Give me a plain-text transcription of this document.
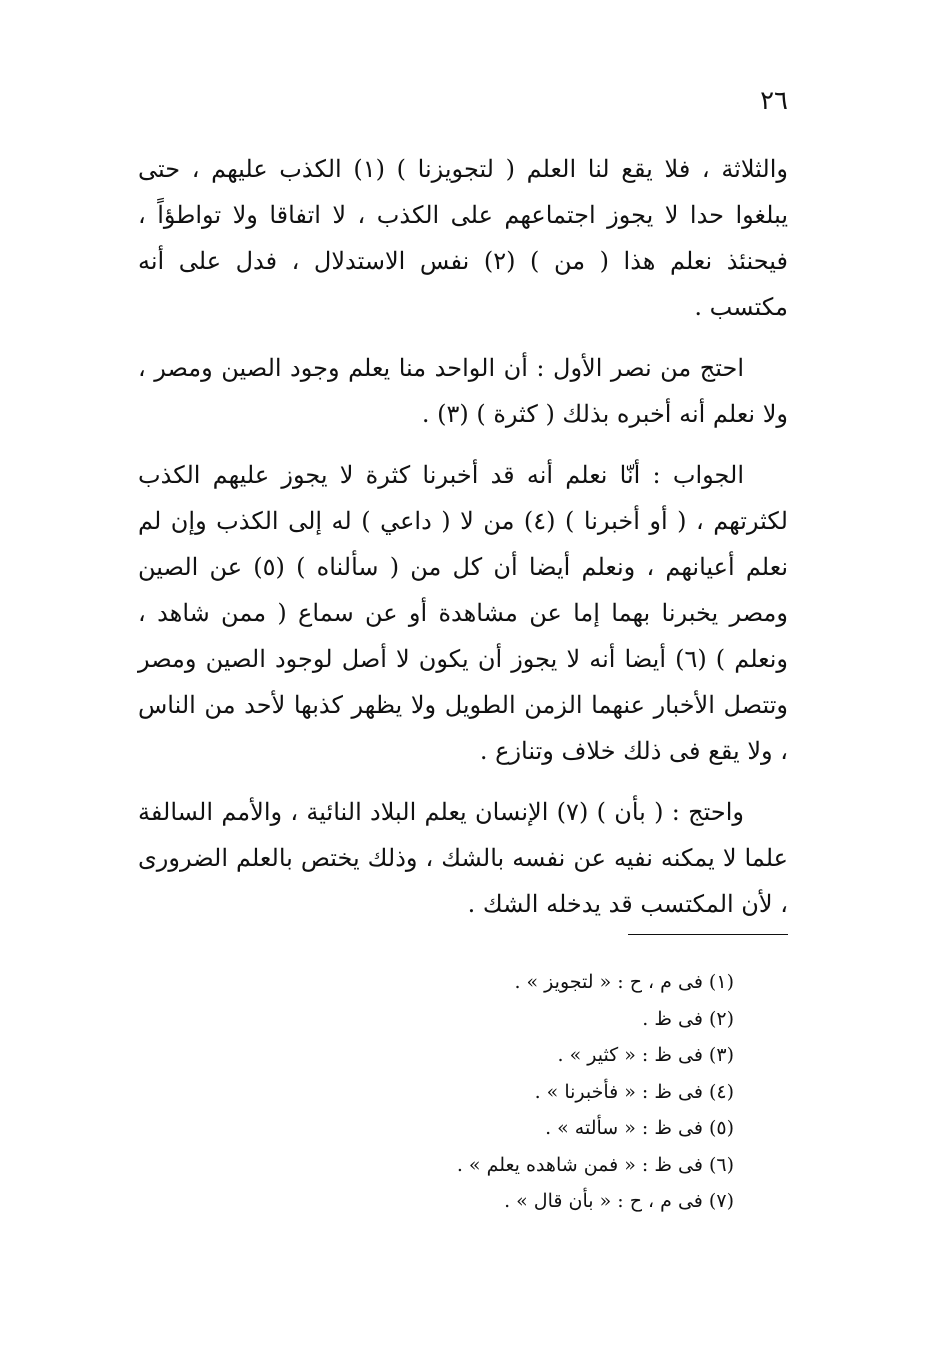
٢٦

والثلاثة ، فلا يقع لنا العلم ( لتجويزنا ) (١) الكذب عليهم ، حتى يبلغوا حدا لا يجوز اجتماعهم على الكذب ، لا اتفاقا ولا تواطؤاً ، فيحنئذ نعلم هذا ( من ) (٢) نفس الاستدلال ، فدل على أنه مكتسب .

احتج من نصر الأول : أن الواحد منا يعلم وجود الصين ومصر ، ولا نعلم أنه أخبره بذلك ( كثرة ) (٣) .

الجواب : أنّا نعلم أنه قد أخبرنا كثرة لا يجوز عليهم الكذب لكثرتهم ، ( أو أخبرنا ) (٤) من لا ( داعي ) له إلى الكذب وإن لم نعلم أعيانهم ، ونعلم أيضا أن كل من ( سألناه ) (٥) عن الصين ومصر يخبرنا بهما إما عن مشاهدة أو عن سماع ( ممن شاهد ، ونعلم ) (٦) أيضا أنه لا يجوز أن يكون لا أصل لوجود الصين ومصر وتتصل الأخبار عنهما الزمن الطويل ولا يظهر كذبها لأحد من الناس ، ولا يقع فى ذلك خلاف وتنازع .

واحتج : ( بأن ) (٧) الإنسان يعلم البلاد النائية ، والأمم السالفة علما لا يمكنه نفيه عن نفسه بالشك ، وذلك يختص بالعلم الضرورى ، لأن المكتسب قد يدخله الشك .

(١) فى م ، ح : « لتجويز » .
(٢) فى ظ .
(٣) فى ظ : « كثير » .
(٤) فى ظ : « فأخبرنا » .
(٥) فى ظ : « سألته » .
(٦) فى ظ : « فمن شاهده يعلم » .
(٧) فى م ، ح : « بأن قال » .
